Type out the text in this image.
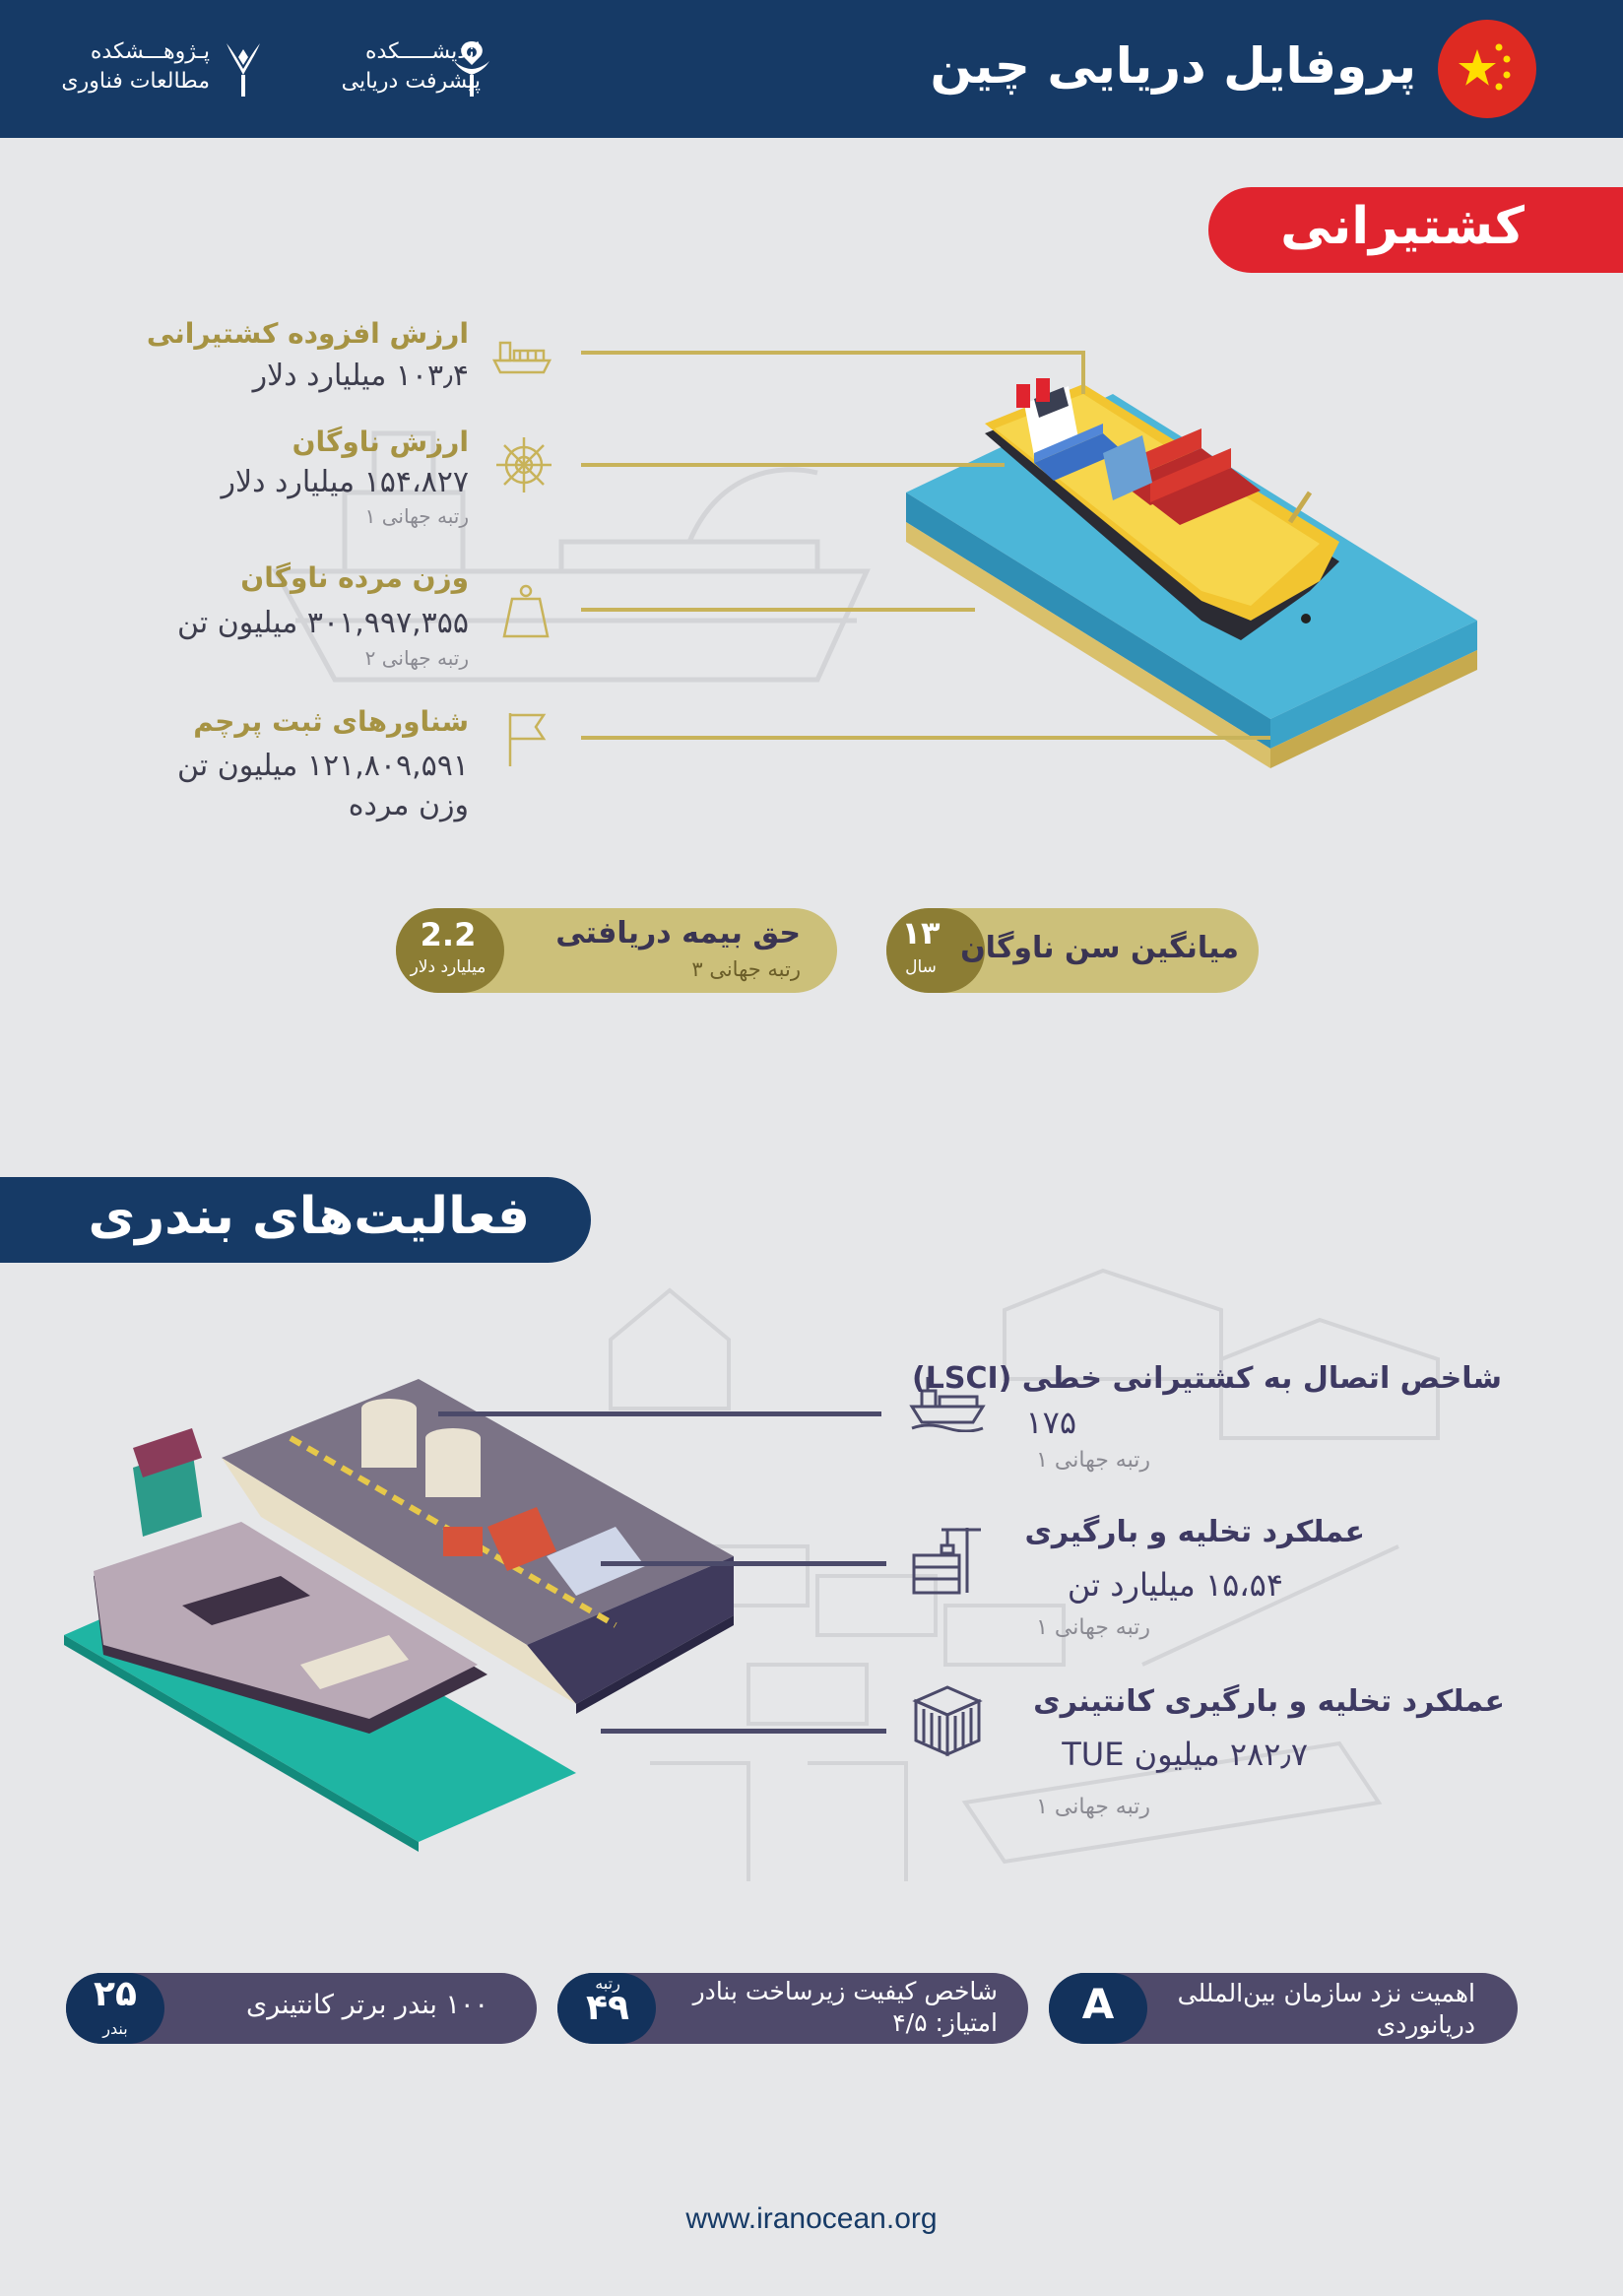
پروفایل دریایی چین
اندیشـــــکده
پیشرفت دریایی
پـژوهـــشکده
مطالعات فناوری
کشتیرانی
ارزش افزوده کشتیرانی
۱۰۳٫۴ میلیارد دلار
ارزش ناوگان
۱۵۴،۸۲۷ میلیارد دلار
رتبه جهانی ۱
وزن مرده ناوگان
۳۰۱,۹۹۷,۳۵۵ میلیون تن
رتبه جهانی ۲
شناورهای ثبت پرچم
۱۲۱,۸۰۹,۵۹۱ میلیون تن
وزن مرده
میانگین سن ناوگان
۱۳
سال
حق بیمه دریافتی
رتبه جهانی ۳
2.2
میلیارد دلار
فعالیت‌های بندری
شاخص اتصال به کشتیرانی خطی (LSCI)
۱۷۵
رتبه جهانی ۱
عملکرد تخلیه و بارگیری
۱۵،۵۴ میلیارد تن
رتبه جهانی ۱
عملکرد تخلیه و بارگیری کانتینری
۲۸۲٫۷ میلیون TUE
رتبه جهانی ۱
اهمیت نزد سازمان بین‌المللی
دریانوردی
A
شاخص کیفیت زیرساخت بنادر
امتیاز: ۴/۵
رتبه
۴۹
۱۰۰ بندر برتر کانتینری
۲۵
بندر
www.iranocean.org
